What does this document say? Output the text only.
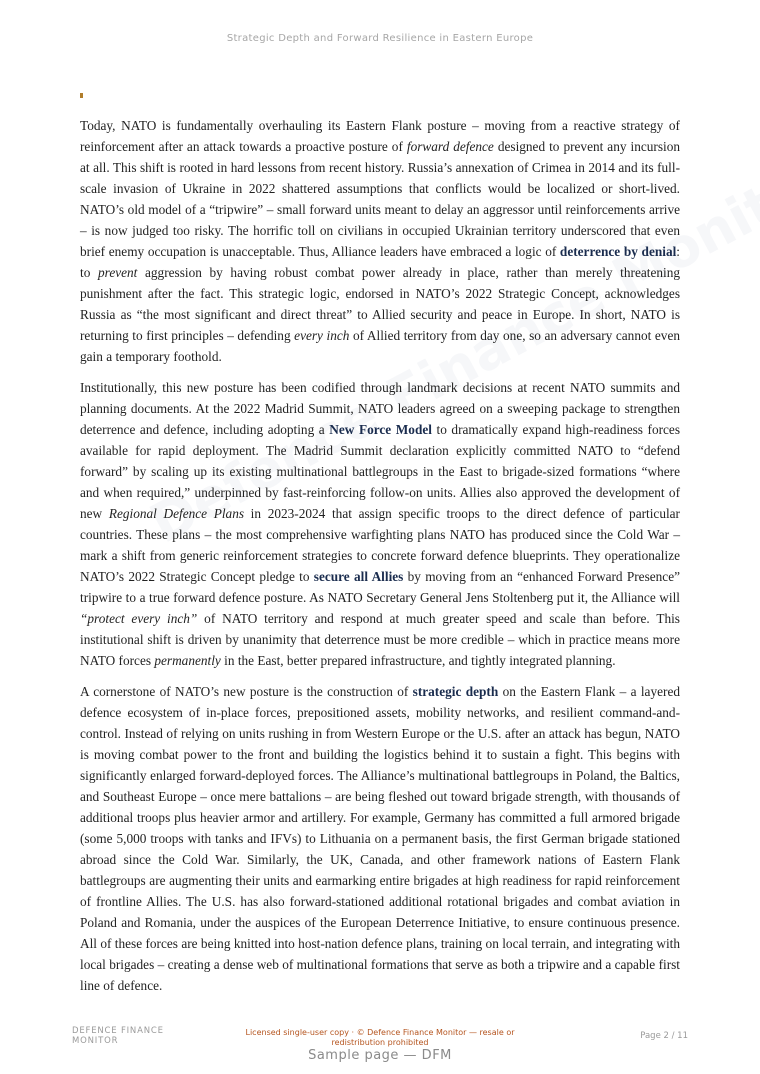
Strategic Depth and Forward Resilience in Eastern Europe

Today, NATO is fundamentally overhauling its Eastern Flank posture – moving from a reactive strategy of reinforcement after an attack towards a proactive posture of forward defence designed to prevent any incursion at all. This shift is rooted in hard lessons from recent history. Russia’s annexation of Crimea in 2014 and its full-scale invasion of Ukraine in 2022 shattered assumptions that conflicts would be localized or short-lived. NATO’s old model of a “tripwire” – small forward units meant to delay an aggressor until reinforcements arrive – is now judged too risky. The horrific toll on civilians in occupied Ukrainian territory underscored that even brief enemy occupation is unacceptable. Thus, Alliance leaders have embraced a logic of deterrence by denial: to prevent aggression by having robust combat power already in place, rather than merely threatening punishment after the fact. This strategic logic, endorsed in NATO’s 2022 Strategic Concept, acknowledges Russia as “the most significant and direct threat” to Allied security and peace in Europe. In short, NATO is returning to first principles – defending every inch of Allied territory from day one, so an adversary cannot even gain a temporary foothold.

Institutionally, this new posture has been codified through landmark decisions at recent NATO summits and planning documents. At the 2022 Madrid Summit, NATO leaders agreed on a sweeping package to strengthen deterrence and defence, including adopting a New Force Model to dramatically expand high-readiness forces available for rapid deployment. The Madrid Summit declaration explicitly committed NATO to “defend forward” by scaling up its existing multinational battlegroups in the East to brigade-sized formations “where and when required,” underpinned by fast-reinforcing follow-on units. Allies also approved the development of new Regional Defence Plans in 2023-2024 that assign specific troops to the direct defence of particular countries. These plans – the most comprehensive warfighting plans NATO has produced since the Cold War – mark a shift from generic reinforcement strategies to concrete forward defence blueprints. They operationalize NATO’s 2022 Strategic Concept pledge to secure all Allies by moving from an “enhanced Forward Presence” tripwire to a true forward defence posture. As NATO Secretary General Jens Stoltenberg put it, the Alliance will “protect every inch” of NATO territory and respond at much greater speed and scale than before. This institutional shift is driven by unanimity that deterrence must be more credible – which in practice means more NATO forces permanently in the East, better prepared infrastructure, and tightly integrated planning.

A cornerstone of NATO’s new posture is the construction of strategic depth on the Eastern Flank – a layered defence ecosystem of in-place forces, prepositioned assets, mobility networks, and resilient command-and-control. Instead of relying on units rushing in from Western Europe or the U.S. after an attack has begun, NATO is moving combat power to the front and building the logistics behind it to sustain a fight. This begins with significantly enlarged forward-deployed forces. The Alliance’s multinational battlegroups in Poland, the Baltics, and Southeast Europe – once mere battalions – are being fleshed out toward brigade strength, with thousands of additional troops plus heavier armor and artillery. For example, Germany has committed a full armored brigade (some 5,000 troops with tanks and IFVs) to Lithuania on a permanent basis, the first German brigade stationed abroad since the Cold War. Similarly, the UK, Canada, and other framework nations of Eastern Flank battlegroups are augmenting their units and earmarking entire brigades at high readiness for rapid reinforcement of frontline Allies. The U.S. has also forward-stationed additional rotational brigades and combat aviation in Poland and Romania, under the auspices of the European Deterrence Initiative, to ensure continuous presence. All of these forces are being knitted into host-nation defence plans, training on local terrain, and integrating with local brigades – creating a dense web of multinational formations that serve as both a tripwire and a capable first line of defence.

DEFENCE FINANCE
MONITOR
Licensed single-user copy · © Defence Finance Monitor — resale or redistribution prohibited
Page 2 / 11
Sample page — DFM
